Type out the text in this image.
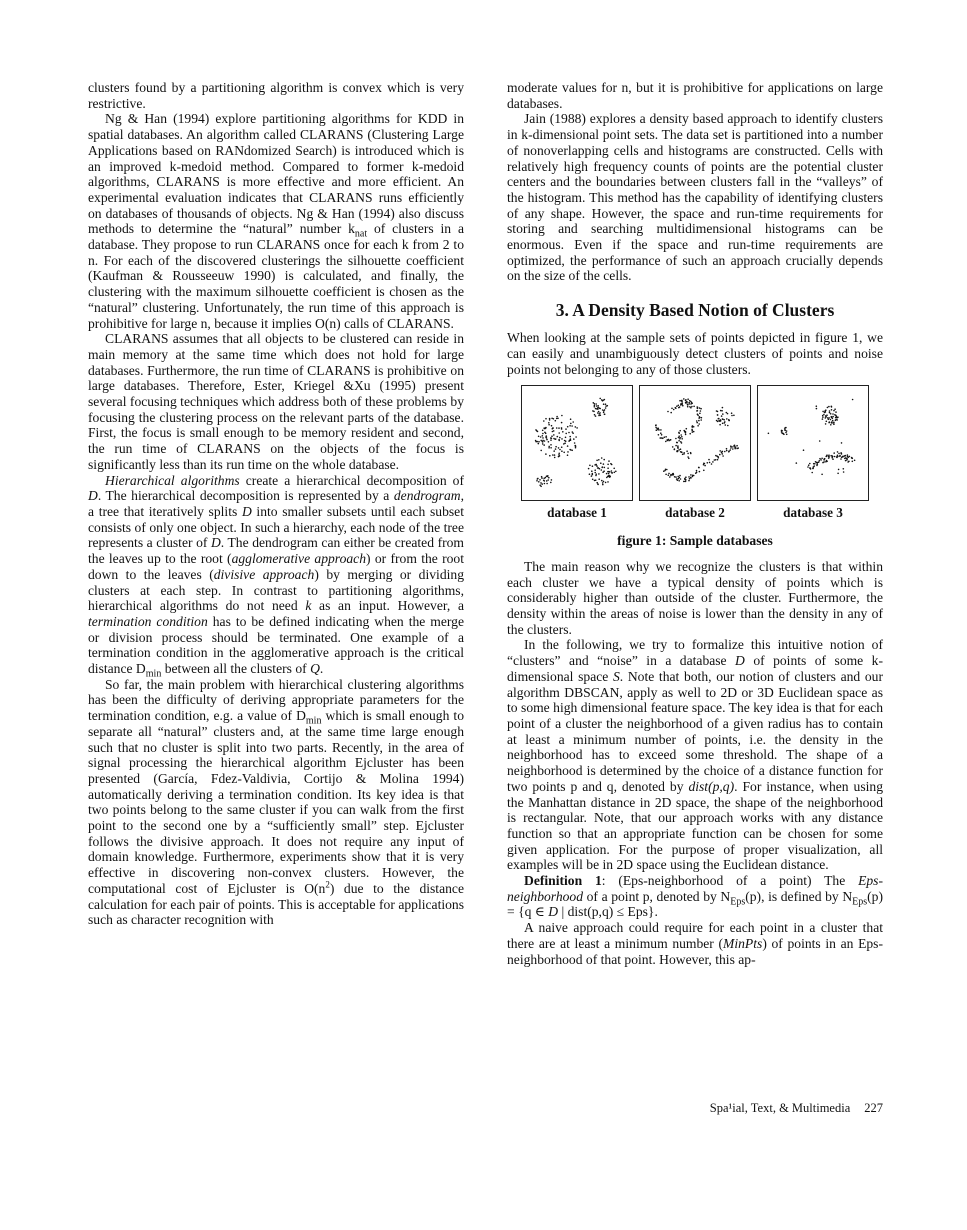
clusters found by a partitioning algorithm is convex which is very restrictive.

Ng & Han (1994) explore partitioning algorithms for KDD in spatial databases. An algorithm called CLARANS (Clustering Large Applications based on RANdomized Search) is introduced which is an improved k-medoid method. Compared to former k-medoid algorithms, CLARANS is more effective and more efficient. An experimental evaluation indicates that CLARANS runs efficiently on databases of thousands of objects. Ng & Han (1994) also discuss methods to determine the “natural” number $k_{nat}$ of clusters in a database. They propose to run CLARANS once for each k from 2 to n. For each of the discovered clusterings the silhouette coefficient (Kaufman & Rousseeuw 1990) is calculated, and finally, the clustering with the maximum silhouette coefficient is chosen as the “natural” clustering. Unfortunately, the run time of this approach is prohibitive for large n, because it implies O(n) calls of CLARANS.

CLARANS assumes that all objects to be clustered can reside in main memory at the same time which does not hold for large databases. Furthermore, the run time of CLARANS is prohibitive on large databases. Therefore, Ester, Kriegel &Xu (1995) present several focusing techniques which address both of these problems by focusing the clustering process on the relevant parts of the database. First, the focus is small enough to be memory resident and second, the run time of CLARANS on the objects of the focus is significantly less than its run time on the whole database.

Hierarchical algorithms create a hierarchical decomposition of D. The hierarchical decomposition is represented by a dendrogram, a tree that iteratively splits D into smaller subsets until each subset consists of only one object. In such a hierarchy, each node of the tree represents a cluster of D. The dendrogram can either be created from the leaves up to the root (agglomerative approach) or from the root down to the leaves (divisive approach) by merging or dividing clusters at each step. In contrast to partitioning algorithms, hierarchical algorithms do not need k as an input. However, a termination condition has to be defined indicating when the merge or division process should be terminated. One example of a termination condition in the agglomerative approach is the critical distance $D_{min}$ between all the clusters of Q.

So far, the main problem with hierarchical clustering algorithms has been the difficulty of deriving appropriate parameters for the termination condition, e.g. a value of $D_{min}$ which is small enough to separate all “natural” clusters and, at the same time large enough such that no cluster is split into two parts. Recently, in the area of signal processing the hierarchical algorithm Ejcluster has been presented (García, Fdez-Valdivia, Cortijo & Molina 1994) automatically deriving a termination condition. Its key idea is that two points belong to the same cluster if you can walk from the first point to the second one by a “sufficiently small” step. Ejcluster follows the divisive approach. It does not require any input of domain knowledge. Furthermore, experiments show that it is very effective in discovering non-convex clusters. However, the computational cost of Ejcluster is $O(n^2)$ due to the distance calculation for each pair of points. This is acceptable for applications such as character recognition with

moderate values for n, but it is prohibitive for applications on large databases.

Jain (1988) explores a density based approach to identify clusters in k-dimensional point sets. The data set is partitioned into a number of nonoverlapping cells and histograms are constructed. Cells with relatively high frequency counts of points are the potential cluster centers and the boundaries between clusters fall in the “valleys” of the histogram. This method has the capability of identifying clusters of any shape. However, the space and run-time requirements for storing and searching multidimensional histograms can be enormous. Even if the space and run-time requirements are optimized, the performance of such an approach crucially depends on the size of the cells.

3. A Density Based Notion of Clusters

When looking at the sample sets of points depicted in figure 1, we can easily and unambiguously detect clusters of points and noise points not belonging to any of those clusters.

database 1	database 2	database 3
figure 1: Sample databases

The main reason why we recognize the clusters is that within each cluster we have a typical density of points which is considerably higher than outside of the cluster. Furthermore, the density within the areas of noise is lower than the density in any of the clusters.

In the following, we try to formalize this intuitive notion of “clusters” and “noise” in a database D of points of some k-dimensional space S. Note that both, our notion of clusters and our algorithm DBSCAN, apply as well to 2D or 3D Euclidean space as to some high dimensional feature space. The key idea is that for each point of a cluster the neighborhood of a given radius has to contain at least a minimum number of points, i.e. the density in the neighborhood has to exceed some threshold. The shape of a neighborhood is determined by the choice of a distance function for two points p and q, denoted by dist(p,q). For instance, when using the Manhattan distance in 2D space, the shape of the neighborhood is rectangular. Note, that our approach works with any distance function so that an appropriate function can be chosen for some given application. For the purpose of proper visualization, all examples will be in 2D space using the Euclidean distance.

Definition 1: (Eps-neighborhood of a point) The Eps-neighborhood of a point p, denoted by $N_{Eps}(p)$, is defined by $N_{Eps}(p) = \{q$ ∈ D | dist(p,q) ≤ Eps}.

A naive approach could require for each point in a cluster that there are at least a minimum number (MinPts) of points in an Eps-neighborhood of that point. However, this ap-

Spa¹ial, Text, & Multimedia 227
